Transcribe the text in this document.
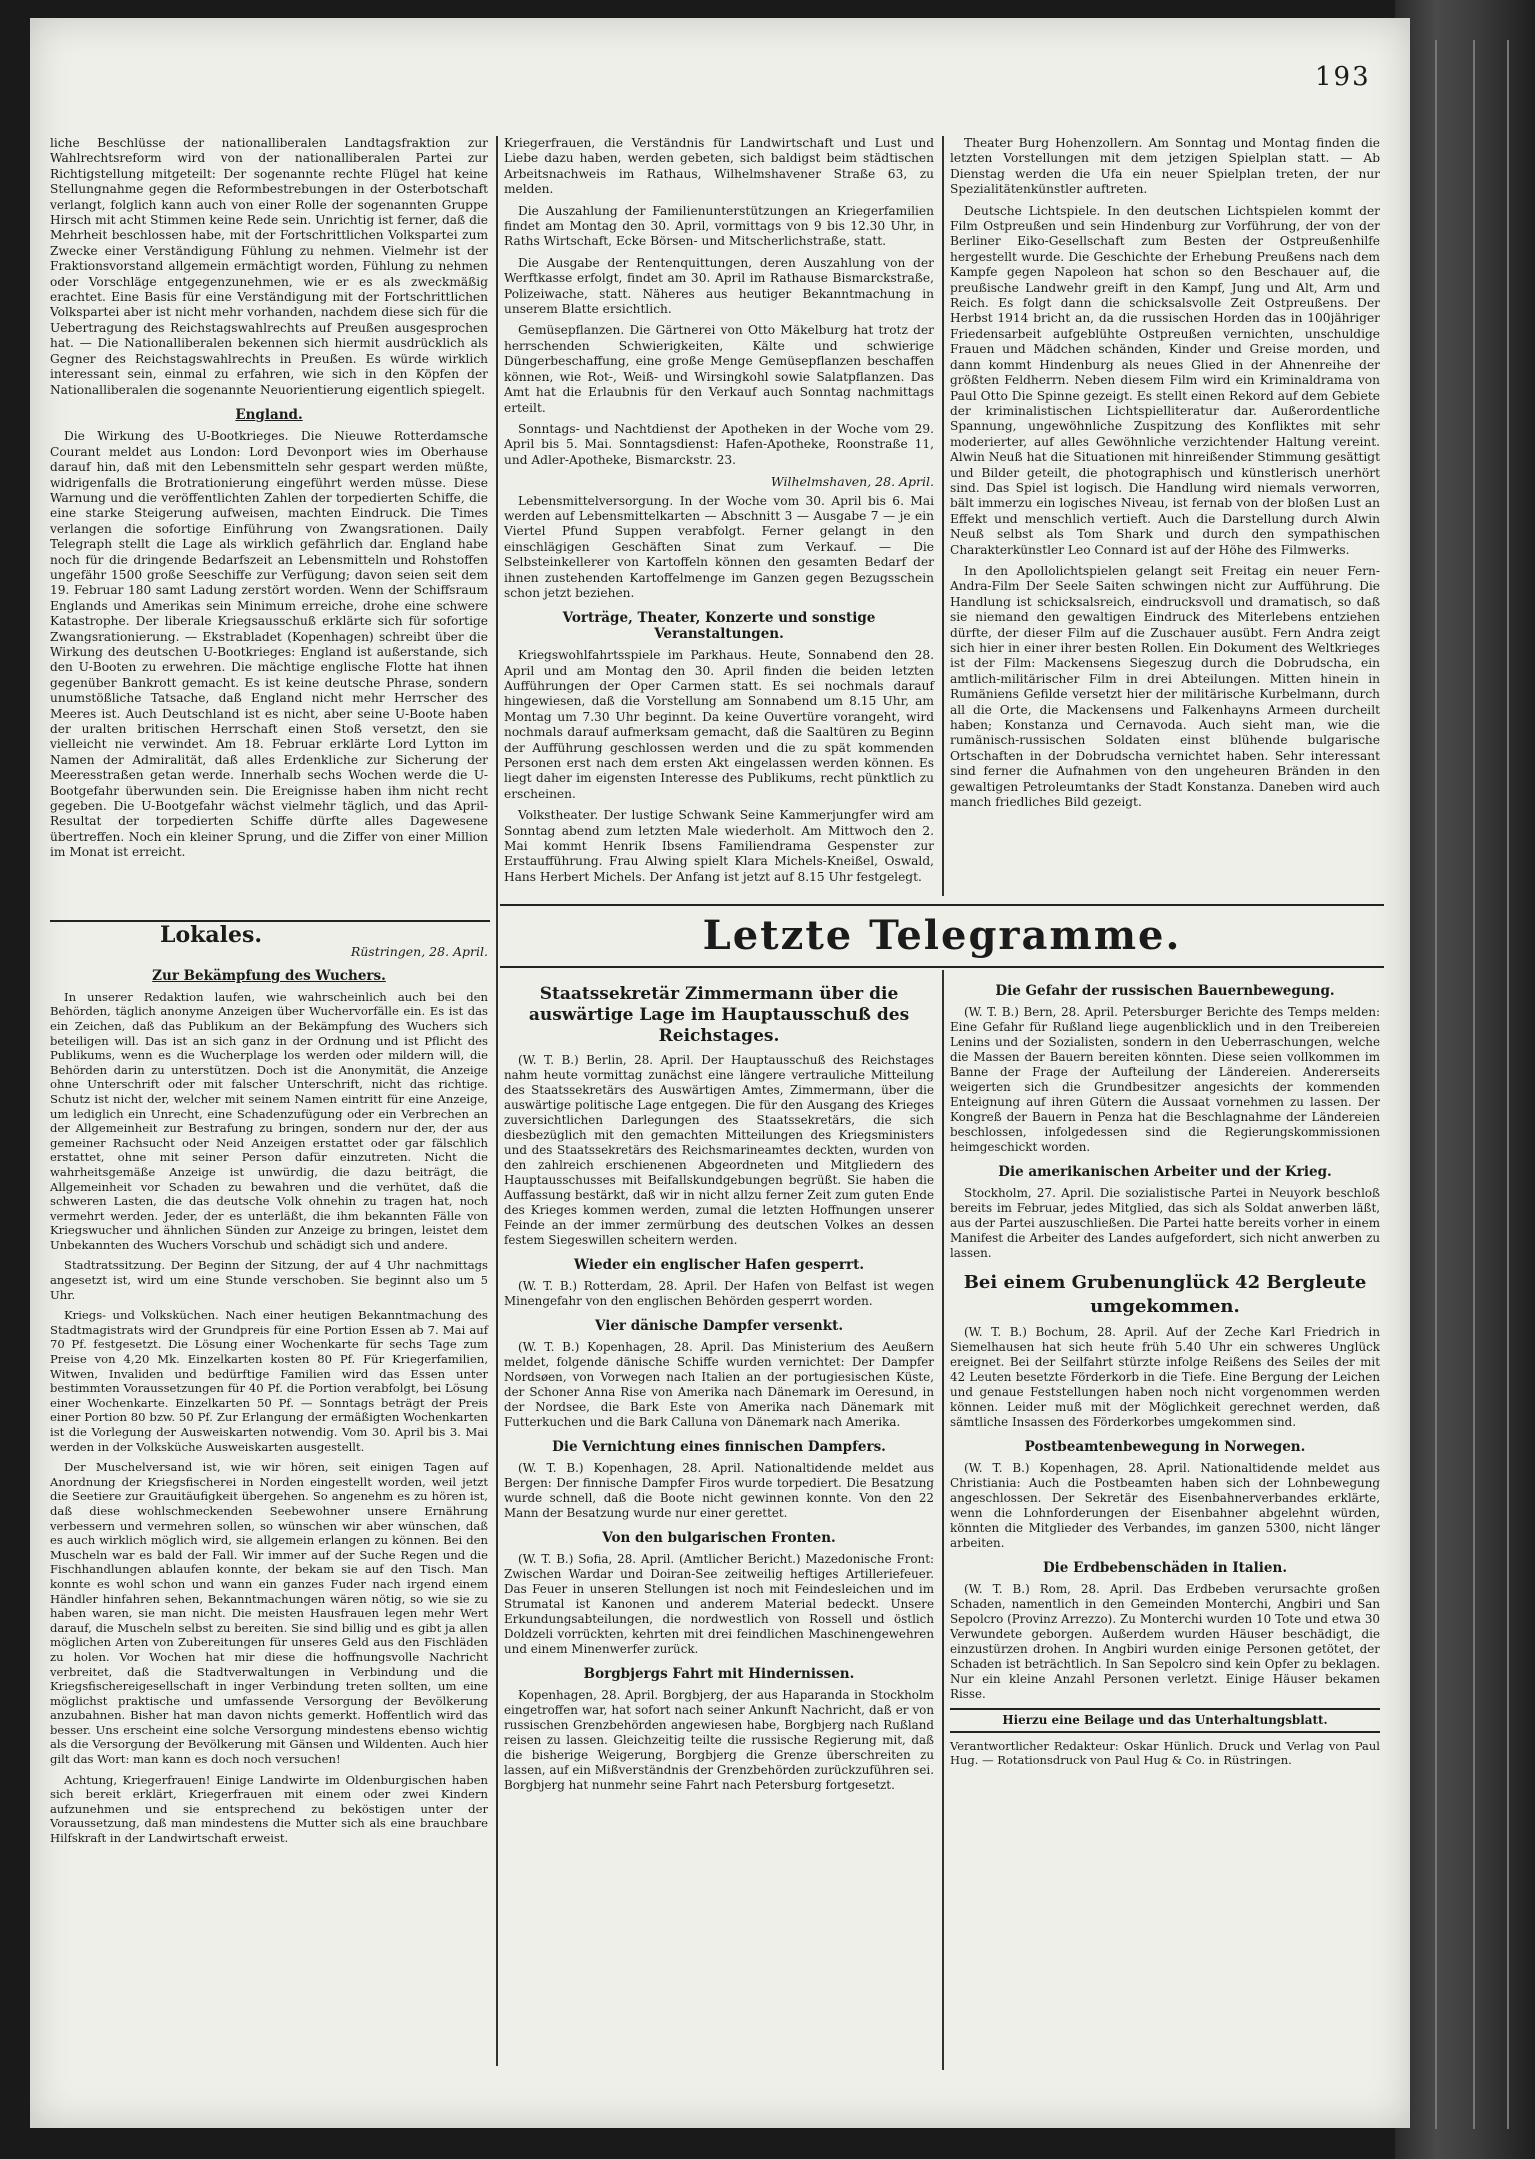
193

liche Beschlüsse der nationalliberalen Landtagsfraktion zur Wahlrechtsreform wird von der nationalliberalen Partei zur Richtigstellung mitgeteilt: Der sogenannte rechte Flügel hat keine Stellungnahme gegen die Reformbestrebungen in der Osterbotschaft verlangt, folglich kann auch von einer Rolle der sogenannten Gruppe Hirsch mit acht Stimmen keine Rede sein. Unrichtig ist ferner, daß die Mehrheit beschlossen habe, mit der Fortschrittlichen Volkspartei zum Zwecke einer Verständigung Fühlung zu nehmen. Vielmehr ist der Fraktionsvorstand allgemein ermächtigt worden, Fühlung zu nehmen oder Vorschläge entgegenzunehmen, wie er es als zweckmäßig erachtet. Eine Basis für eine Verständigung mit der Fortschrittlichen Volkspartei aber ist nicht mehr vorhanden, nachdem diese sich für die Uebertragung des Reichstagswahlrechts auf Preußen ausgesprochen hat. — Die Nationalliberalen bekennen sich hiermit ausdrücklich als Gegner des Reichstagswahlrechts in Preußen. Es würde wirklich interessant sein, einmal zu erfahren, wie sich in den Köpfen der Nationalliberalen die sogenannte Neuorientierung eigentlich spiegelt.

England.

Die Wirkung des U-Bootkrieges. Die Nieuwe Rotterdamsche Courant meldet aus London: Lord Devonport wies im Oberhause darauf hin, daß mit den Lebensmitteln sehr gespart werden müßte, widrigenfalls die Brotrationierung eingeführt werden müsse. Diese Warnung und die veröffentlichten Zahlen der torpedierten Schiffe, die eine starke Steigerung aufweisen, machten Eindruck. Die Times verlangen die sofortige Einführung von Zwangsrationen. Daily Telegraph stellt die Lage als wirklich gefährlich dar. England habe noch für die dringende Bedarfszeit an Lebensmitteln und Rohstoffen ungefähr 1500 große Seeschiffe zur Verfügung; davon seien seit dem 19. Februar 180 samt Ladung zerstört worden. Wenn der Schiffsraum Englands und Amerikas sein Minimum erreiche, drohe eine schwere Katastrophe. Der liberale Kriegsausschuß erklärte sich für sofortige Zwangsrationierung. — Ekstrabladet (Kopenhagen) schreibt über die Wirkung des deutschen U-Bootkrieges: England ist außerstande, sich den U-Booten zu erwehren. Die mächtige englische Flotte hat ihnen gegenüber Bankrott gemacht. Es ist keine deutsche Phrase, sondern unumstößliche Tatsache, daß England nicht mehr Herrscher des Meeres ist. Auch Deutschland ist es nicht, aber seine U-Boote haben der uralten britischen Herrschaft einen Stoß versetzt, den sie vielleicht nie verwindet. Am 18. Februar erklärte Lord Lytton im Namen der Admiralität, daß alles Erdenkliche zur Sicherung der Meeresstraßen getan werde. Innerhalb sechs Wochen werde die U-Bootgefahr überwunden sein. Die Ereignisse haben ihm nicht recht gegeben. Die U-Bootgefahr wächst vielmehr täglich, und das April-Resultat der torpedierten Schiffe dürfte alles Dagewesene übertreffen. Noch ein kleiner Sprung, und die Ziffer von einer Million im Monat ist erreicht.

Lokales.
Rüstringen, 28. April.
Zur Bekämpfung des Wuchers.

In unserer Redaktion laufen, wie wahrscheinlich auch bei den Behörden, täglich anonyme Anzeigen über Wuchervorfälle ein. Es ist das ein Zeichen, daß das Publikum an der Bekämpfung des Wuchers sich beteiligen will. Das ist an sich ganz in der Ordnung und ist Pflicht des Publikums, wenn es die Wucherplage los werden oder mildern will, die Behörden darin zu unterstützen. Doch ist die Anonymität, die Anzeige ohne Unterschrift oder mit falscher Unterschrift, nicht das richtige. Schutz ist nicht der, welcher mit seinem Namen eintritt für eine Anzeige, um lediglich ein Unrecht, eine Schadenzufügung oder ein Verbrechen an der Allgemeinheit zur Bestrafung zu bringen, sondern nur der, der aus gemeiner Rachsucht oder Neid Anzeigen erstattet oder gar fälschlich erstattet, ohne mit seiner Person dafür einzutreten. Nicht die wahrheitsgemäße Anzeige ist unwürdig, die dazu beiträgt, die Allgemeinheit vor Schaden zu bewahren und die verhütet, daß die schweren Lasten, die das deutsche Volk ohnehin zu tragen hat, noch vermehrt werden. Jeder, der es unterläßt, die ihm bekannten Fälle von Kriegswucher und ähnlichen Sünden zur Anzeige zu bringen, leistet dem Unbekannten des Wuchers Vorschub und schädigt sich und andere.

Stadtratssitzung. Der Beginn der Sitzung, der auf 4 Uhr nachmittags angesetzt ist, wird um eine Stunde verschoben. Sie beginnt also um 5 Uhr.

Kriegs- und Volksküchen. Nach einer heutigen Bekanntmachung des Stadtmagistrats wird der Grundpreis für eine Portion Essen ab 7. Mai auf 70 Pf. festgesetzt. Die Lösung einer Wochenkarte für sechs Tage zum Preise von 4,20 Mk. Einzelkarten kosten 80 Pf. Für Kriegerfamilien, Witwen, Invaliden und bedürftige Familien wird das Essen unter bestimmten Voraussetzungen für 40 Pf. die Portion verabfolgt, bei Lösung einer Wochenkarte. Einzelkarten 50 Pf. — Sonntags beträgt der Preis einer Portion 80 bzw. 50 Pf. Zur Erlangung der ermäßigten Wochenkarten ist die Vorlegung der Ausweiskarten notwendig. Vom 30. April bis 3. Mai werden in der Volksküche Ausweiskarten ausgestellt.

Der Muschelversand ist, wie wir hören, seit einigen Tagen auf Anordnung der Kriegsfischerei in Norden eingestellt worden, weil jetzt die Seetiere zur Grauitäufigkeit übergehen. So angenehm es zu hören ist, daß diese wohlschmeckenden Seebewohner unsere Ernährung verbessern und vermehren sollen, so wünschen wir aber wünschen, daß es auch wirklich möglich wird, sie allgemein erlangen zu können. Bei den Muscheln war es bald der Fall. Wir immer auf der Suche Regen und die Fischhandlungen ablaufen konnte, der bekam sie auf den Tisch. Man konnte es wohl schon und wann ein ganzes Fuder nach irgend einem Händler hinfahren sehen, Bekanntmachungen wären nötig, so wie sie zu haben waren, sie man nicht. Die meisten Hausfrauen legen mehr Wert darauf, die Muscheln selbst zu bereiten. Sie sind billig und es gibt ja allen möglichen Arten von Zubereitungen für unseres Geld aus den Fischläden zu holen. Vor Wochen hat mir diese die hoffnungsvolle Nachricht verbreitet, daß die Stadtverwaltungen in Verbindung und die Kriegsfischereigesellschaft in inger Verbindung treten sollten, um eine möglichst praktische und umfassende Versorgung der Bevölkerung anzubahnen. Bisher hat man davon nichts gemerkt. Hoffentlich wird das besser. Uns erscheint eine solche Versorgung mindestens ebenso wichtig als die Versorgung der Bevölkerung mit Gänsen und Wildenten. Auch hier gilt das Wort: man kann es doch noch versuchen!

Achtung, Kriegerfrauen! Einige Landwirte im Oldenburgischen haben sich bereit erklärt, Kriegerfrauen mit einem oder zwei Kindern aufzunehmen und sie entsprechend zu beköstigen unter der Voraussetzung, daß man mindestens die Mutter sich als eine brauchbare Hilfskraft in der Landwirtschaft erweist.

Kriegerfrauen, die Verständnis für Landwirtschaft und Lust und Liebe dazu haben, werden gebeten, sich baldigst beim städtischen Arbeitsnachweis im Rathaus, Wilhelmshavener Straße 63, zu melden.

Die Auszahlung der Familienunterstützungen an Kriegerfamilien findet am Montag den 30. April, vormittags von 9 bis 12.30 Uhr, in Raths Wirtschaft, Ecke Börsen- und Mitscherlichstraße, statt.

Die Ausgabe der Rentenquittungen, deren Auszahlung von der Werftkasse erfolgt, findet am 30. April im Rathause Bismarckstraße, Polizeiwache, statt. Näheres aus heutiger Bekanntmachung in unserem Blatte ersichtlich.

Gemüsepflanzen. Die Gärtnerei von Otto Mäkelburg hat trotz der herrschenden Schwierigkeiten, Kälte und schwierige Düngerbeschaffung, eine große Menge Gemüsepflanzen beschaffen können, wie Rot-, Weiß- und Wirsingkohl sowie Salatpflanzen. Das Amt hat die Erlaubnis für den Verkauf auch Sonntag nachmittags erteilt.

Sonntags- und Nachtdienst der Apotheken in der Woche vom 29. April bis 5. Mai. Sonntagsdienst: Hafen-Apotheke, Roonstraße 11, und Adler-Apotheke, Bismarckstr. 23.

Wilhelmshaven, 28. April.

Lebensmittelversorgung. In der Woche vom 30. April bis 6. Mai werden auf Lebensmittelkarten — Abschnitt 3 — Ausgabe 7 — je ein Viertel Pfund Suppen verabfolgt. Ferner gelangt in den einschlägigen Geschäften Sinat zum Verkauf. — Die Selbsteinkellerer von Kartoffeln können den gesamten Bedarf der ihnen zustehenden Kartoffelmenge im Ganzen gegen Bezugsschein schon jetzt beziehen.

Vorträge, Theater, Konzerte und sonstige Veranstaltungen.

Kriegswohlfahrtsspiele im Parkhaus. Heute, Sonnabend den 28. April und am Montag den 30. April finden die beiden letzten Aufführungen der Oper Carmen statt. Es sei nochmals darauf hingewiesen, daß die Vorstellung am Sonnabend um 8.15 Uhr, am Montag um 7.30 Uhr beginnt. Da keine Ouvertüre vorangeht, wird nochmals darauf aufmerksam gemacht, daß die Saaltüren zu Beginn der Aufführung geschlossen werden und die zu spät kommenden Personen erst nach dem ersten Akt eingelassen werden können. Es liegt daher im eigensten Interesse des Publikums, recht pünktlich zu erscheinen.

Volkstheater. Der lustige Schwank Seine Kammerjungfer wird am Sonntag abend zum letzten Male wiederholt. Am Mittwoch den 2. Mai kommt Henrik Ibsens Familiendrama Gespenster zur Erstaufführung. Frau Alwing spielt Klara Michels-Kneißel, Oswald, Hans Herbert Michels. Der Anfang ist jetzt auf 8.15 Uhr festgelegt.

Theater Burg Hohenzollern. Am Sonntag und Montag finden die letzten Vorstellungen mit dem jetzigen Spielplan statt. — Ab Dienstag werden die Ufa ein neuer Spielplan treten, der nur Spezialitätenkünstler auftreten.

Deutsche Lichtspiele. In den deutschen Lichtspielen kommt der Film Ostpreußen und sein Hindenburg zur Vorführung, der von der Berliner Eiko-Gesellschaft zum Besten der Ostpreußenhilfe hergestellt wurde. Die Geschichte der Erhebung Preußens nach dem Kampfe gegen Napoleon hat schon so den Beschauer auf, die preußische Landwehr greift in den Kampf, Jung und Alt, Arm und Reich. Es folgt dann die schicksalsvolle Zeit Ostpreußens. Der Herbst 1914 bricht an, da die russischen Horden das in 100jähriger Friedensarbeit aufgeblühte Ostpreußen vernichten, unschuldige Frauen und Mädchen schänden, Kinder und Greise morden, und dann kommt Hindenburg als neues Glied in der Ahnenreihe der größten Feldherrn. Neben diesem Film wird ein Kriminaldrama von Paul Otto Die Spinne gezeigt. Es stellt einen Rekord auf dem Gebiete der kriminalistischen Lichtspielliteratur dar. Außerordentliche Spannung, ungewöhnliche Zuspitzung des Konfliktes mit sehr moderierter, auf alles Gewöhnliche verzichtender Haltung vereint. Alwin Neuß hat die Situationen mit hinreißender Stimmung gesättigt und Bilder geteilt, die photographisch und künstlerisch unerhört sind. Das Spiel ist logisch. Die Handlung wird niemals verworren, bält immerzu ein logisches Niveau, ist fernab von der bloßen Lust an Effekt und menschlich vertieft. Auch die Darstellung durch Alwin Neuß selbst als Tom Shark und durch den sympathischen Charakterkünstler Leo Connard ist auf der Höhe des Filmwerks.

In den Apollolichtspielen gelangt seit Freitag ein neuer Fern-Andra-Film Der Seele Saiten schwingen nicht zur Aufführung. Die Handlung ist schicksalsreich, eindrucksvoll und dramatisch, so daß sie niemand den gewaltigen Eindruck des Miterlebens entziehen dürfte, der dieser Film auf die Zuschauer ausübt. Fern Andra zeigt sich hier in einer ihrer besten Rollen. Ein Dokument des Weltkrieges ist der Film: Mackensens Siegeszug durch die Dobrudscha, ein amtlich-militärischer Film in drei Abteilungen. Mitten hinein in Rumäniens Gefilde versetzt hier der militärische Kurbelmann, durch all die Orte, die Mackensens und Falkenhayns Armeen durcheilt haben; Konstanza und Cernavoda. Auch sieht man, wie die rumänisch-russischen Soldaten einst blühende bulgarische Ortschaften in der Dobrudscha vernichtet haben. Sehr interessant sind ferner die Aufnahmen von den ungeheuren Bränden in den gewaltigen Petroleumtanks der Stadt Konstanza. Daneben wird auch manch friedliches Bild gezeigt.

Letzte Telegramme.
Staatssekretär Zimmermann über die auswärtige Lage im Hauptausschuß des Reichstages.

(W. T. B.) Berlin, 28. April. Der Hauptausschuß des Reichstages nahm heute vormittag zunächst eine längere vertrauliche Mitteilung des Staatssekretärs des Auswärtigen Amtes, Zimmermann, über die auswärtige politische Lage entgegen. Die für den Ausgang des Krieges zuversichtlichen Darlegungen des Staatssekretärs, die sich diesbezüglich mit den gemachten Mitteilungen des Kriegsministers und des Staatssekretärs des Reichsmarineamtes deckten, wurden von den zahlreich erschienenen Abgeordneten und Mitgliedern des Hauptausschusses mit Beifallskundgebungen begrüßt. Sie haben die Auffassung bestärkt, daß wir in nicht allzu ferner Zeit zum guten Ende des Krieges kommen werden, zumal die letzten Hoffnungen unserer Feinde an der immer zermürbung des deutschen Volkes an dessen festem Siegeswillen scheitern werden.

Wieder ein englischer Hafen gesperrt.

(W. T. B.) Rotterdam, 28. April. Der Hafen von Belfast ist wegen Minengefahr von den englischen Behörden gesperrt worden.

Vier dänische Dampfer versenkt.

(W. T. B.) Kopenhagen, 28. April. Das Ministerium des Aeußern meldet, folgende dänische Schiffe wurden vernichtet: Der Dampfer Nordsøen, von Vorwegen nach Italien an der portugiesischen Küste, der Schoner Anna Rise von Amerika nach Dänemark im Oeresund, in der Nordsee, die Bark Este von Amerika nach Dänemark mit Futterkuchen und die Bark Calluna von Dänemark nach Amerika.

Die Vernichtung eines finnischen Dampfers.

(W. T. B.) Kopenhagen, 28. April. Nationaltidende meldet aus Bergen: Der finnische Dampfer Firos wurde torpediert. Die Besatzung wurde schnell, daß die Boote nicht gewinnen konnte. Von den 22 Mann der Besatzung wurde nur einer gerettet.

Von den bulgarischen Fronten.

(W. T. B.) Sofia, 28. April. (Amtlicher Bericht.) Mazedonische Front: Zwischen Wardar und Doiran-See zeitweilig heftiges Artilleriefeuer. Das Feuer in unseren Stellungen ist noch mit Feindesleichen und im Strumatal ist Kanonen und anderem Material bedeckt. Unsere Erkundungsabteilungen, die nordwestlich von Rossell und östlich Doldzeli vorrückten, kehrten mit drei feindlichen Maschinengewehren und einem Minenwerfer zurück.

Borgbjergs Fahrt mit Hindernissen.

Kopenhagen, 28. April. Borgbjerg, der aus Haparanda in Stockholm eingetroffen war, hat sofort nach seiner Ankunft Nachricht, daß er von russischen Grenzbehörden angewiesen habe, Borgbjerg nach Rußland reisen zu lassen. Gleichzeitig teilte die russische Regierung mit, daß die bisherige Weigerung, Borgbjerg die Grenze überschreiten zu lassen, auf ein Mißverständnis der Grenzbehörden zurückzuführen sei. Borgbjerg hat nunmehr seine Fahrt nach Petersburg fortgesetzt.

Die Gefahr der russischen Bauernbewegung.

(W. T. B.) Bern, 28. April. Petersburger Berichte des Temps melden: Eine Gefahr für Rußland liege augenblicklich und in den Treibereien Lenins und der Sozialisten, sondern in den Ueberraschungen, welche die Massen der Bauern bereiten könnten. Diese seien vollkommen im Banne der Frage der Aufteilung der Ländereien. Andererseits weigerten sich die Grundbesitzer angesichts der kommenden Enteignung auf ihren Gütern die Aussaat vornehmen zu lassen. Der Kongreß der Bauern in Penza hat die Beschlagnahme der Ländereien beschlossen, infolgedessen sind die Regierungskommissionen heimgeschickt worden.

Die amerikanischen Arbeiter und der Krieg.

Stockholm, 27. April. Die sozialistische Partei in Neuyork beschloß bereits im Februar, jedes Mitglied, das sich als Soldat anwerben läßt, aus der Partei auszuschließen. Die Partei hatte bereits vorher in einem Manifest die Arbeiter des Landes aufgefordert, sich nicht anwerben zu lassen.

Bei einem Grubenunglück 42 Bergleute umgekommen.

(W. T. B.) Bochum, 28. April. Auf der Zeche Karl Friedrich in Siemelhausen hat sich heute früh 5.40 Uhr ein schweres Unglück ereignet. Bei der Seilfahrt stürzte infolge Reißens des Seiles der mit 42 Leuten besetzte Förderkorb in die Tiefe. Eine Bergung der Leichen und genaue Feststellungen haben noch nicht vorgenommen werden können. Leider muß mit der Möglichkeit gerechnet werden, daß sämtliche Insassen des Förderkorbes umgekommen sind.

Postbeamtenbewegung in Norwegen.

(W. T. B.) Kopenhagen, 28. April. Nationaltidende meldet aus Christiania: Auch die Postbeamten haben sich der Lohnbewegung angeschlossen. Der Sekretär des Eisenbahnerverbandes erklärte, wenn die Lohnforderungen der Eisenbahner abgelehnt würden, könnten die Mitglieder des Verbandes, im ganzen 5300, nicht länger arbeiten.

Die Erdbebenschäden in Italien.

(W. T. B.) Rom, 28. April. Das Erdbeben verursachte großen Schaden, namentlich in den Gemeinden Monterchi, Angbiri und San Sepolcro (Provinz Arrezzo). Zu Monterchi wurden 10 Tote und etwa 30 Verwundete geborgen. Außerdem wurden Häuser beschädigt, die einzustürzen drohen. In Angbiri wurden einige Personen getötet, der Schaden ist beträchtlich. In San Sepolcro sind kein Opfer zu beklagen. Nur ein kleine Anzahl Personen verletzt. Einige Häuser bekamen Risse.

Hierzu eine Beilage und das Unterhaltungsblatt.
Verantwortlicher Redakteur: Oskar Hünlich. Druck und Verlag von Paul Hug. — Rotationsdruck von Paul Hug & Co. in Rüstringen.
